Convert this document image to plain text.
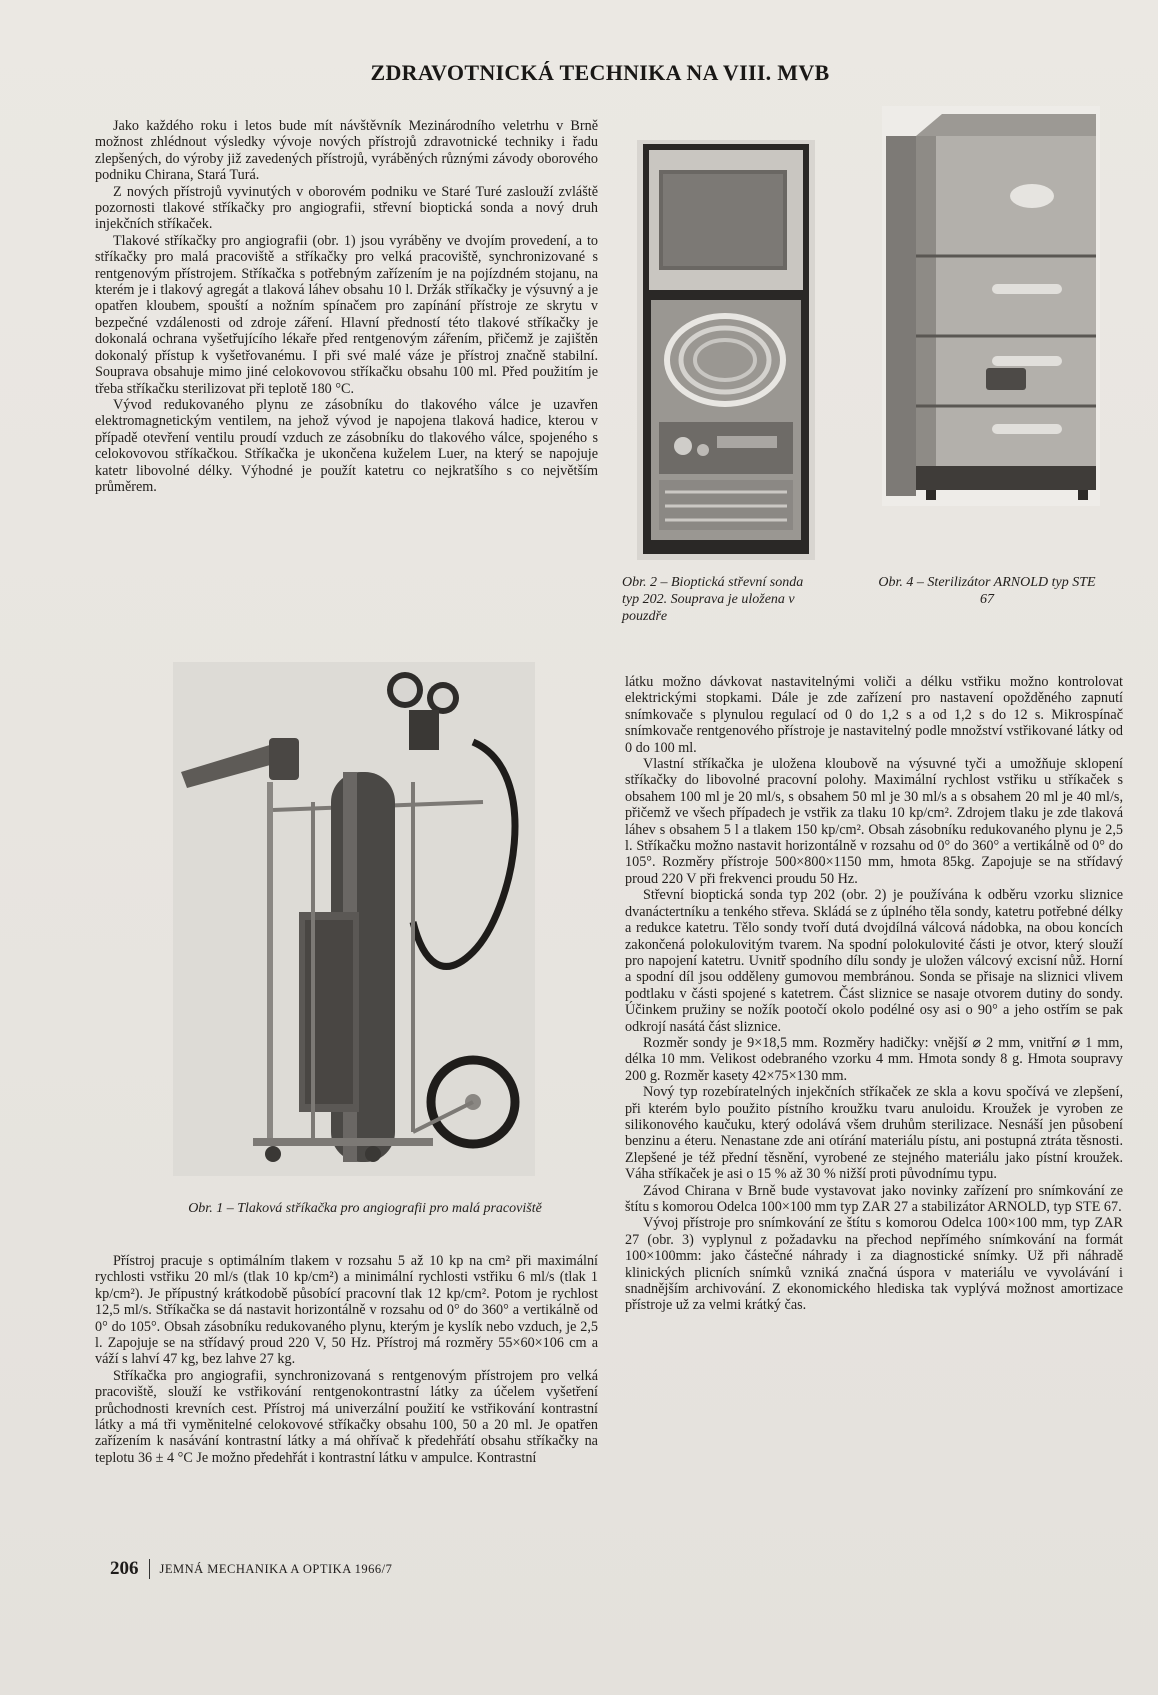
ZDRAVOTNICKÁ TECHNIKA NA VIII. MVB

Jako každého roku i letos bude mít návštěvník Mezinárodního veletrhu v Brně možnost zhlédnout výsledky vývoje nových přístrojů zdravotnické techniky i řadu zlepšených, do výroby již zavedených přístrojů, vyráběných různými závody oborového podniku Chirana, Stará Turá.

Z nových přístrojů vyvinutých v oborovém podniku ve Staré Turé zaslouží zvláště pozornosti tlakové stříkačky pro angiografii, střevní bioptická sonda a nový druh injekčních stříkaček.

Tlakové stříkačky pro angiografii (obr. 1) jsou vyráběny ve dvojím provedení, a to stříkačky pro malá pracoviště a stříkačky pro velká pracoviště, synchronizované s rentgenovým přístrojem. Stříkačka s potřebným zařízením je na pojízdném stojanu, na kterém je i tlakový agregát a tlaková láhev obsahu 10 l. Držák stříkačky je výsuvný a je opatřen kloubem, spouští a nožním spínačem pro zapínání přístroje ze skrytu v bezpečné vzdálenosti od zdroje záření. Hlavní předností této tlakové stříkačky je dokonalá ochrana vyšetřujícího lékaře před rentgenovým zářením, přičemž je zajištěn dokonalý přístup k vyšetřovanému. I při své malé váze je přístroj značně stabilní. Souprava obsahuje mimo jiné celokovovou stříkačku obsahu 100 ml. Před použitím je třeba stříkačku sterilizovat při teplotě 180 °C.

Vývod redukovaného plynu ze zásobníku do tlakového válce je uzavřen elektromagnetickým ventilem, na jehož vývod je napojena tlaková hadice, kterou v případě otevření ventilu proudí vzduch ze zásobníku do tlakového válce, spojeného s celokovovou stříkačkou. Stříkačka je ukončena kuželem Luer, na který se napojuje katetr libovolné délky. Výhodné je použít katetru co nejkratšího s co největším průměrem.

Obr. 2 – Bioptická střevní sonda typ 202. Souprava je uložena v pouzdře
Obr. 4 – Sterilizátor ARNOLD typ STE 67
Obr. 1 – Tlaková stříkačka pro angiografii pro malá pracoviště

Přístroj pracuje s optimálním tlakem v rozsahu 5 až 10 kp na cm² při maximální rychlosti vstřiku 20 ml/s (tlak 10 kp/cm²) a minimální rychlosti vstřiku 6 ml/s (tlak 1 kp/cm²). Je přípustný krátkodobě působící pracovní tlak 12 kp/cm². Potom je rychlost 12,5 ml/s. Stříkačka se dá nastavit horizontálně v rozsahu od 0° do 360° a vertikálně od 0° do 105°. Obsah zásobníku redukovaného plynu, kterým je kyslík nebo vzduch, je 2,5 l. Zapojuje se na střídavý proud 220 V, 50 Hz. Přístroj má rozměry 55×60×106 cm a váží s lahví 47 kg, bez lahve 27 kg.

Stříkačka pro angiografii, synchronizovaná s rentgenovým přístrojem pro velká pracoviště, slouží ke vstřikování rentgenokontrastní látky za účelem vyšetření průchodnosti krevních cest. Přístroj má univerzální použití ke vstřikování kontrastní látky a má tři vyměnitelné celokovové stříkačky obsahu 100, 50 a 20 ml. Je opatřen zařízením k nasávání kontrastní látky a má ohřívač k předehřátí obsahu stříkačky na teplotu 36 ± 4 °C Je možno předehřát i kontrastní látku v ampulce. Kontrastní

látku možno dávkovat nastavitelnými voliči a délku vstřiku možno kontrolovat elektrickými stopkami. Dále je zde zařízení pro nastavení opožděného zapnutí snímkovače s plynulou regulací od 0 do 1,2 s a od 1,2 s do 12 s. Mikrospínač snímkovače rentgenového přístroje je nastavitelný podle množství vstřikované látky od 0 do 100 ml.

Vlastní stříkačka je uložena kloubově na výsuvné tyči a umožňuje sklopení stříkačky do libovolné pracovní polohy. Maximální rychlost vstřiku u stříkaček s obsahem 100 ml je 20 ml/s, s obsahem 50 ml je 30 ml/s a s obsahem 20 ml je 40 ml/s, přičemž ve všech případech je vstřik za tlaku 10 kp/cm². Zdrojem tlaku je zde tlaková láhev s obsahem 5 l a tlakem 150 kp/cm². Obsah zásobníku redukovaného plynu je 2,5 l. Stříkačku možno nastavit horizontálně v rozsahu od 0° do 360° a vertikálně od 0° do 105°. Rozměry přístroje 500×800×1150 mm, hmota 85kg. Zapojuje se na střídavý proud 220 V při frekvenci proudu 50 Hz.

Střevní bioptická sonda typ 202 (obr. 2) je používána k odběru vzorku sliznice dvanáctertníku a tenkého střeva. Skládá se z úplného těla sondy, katetru potřebné délky a redukce katetru. Tělo sondy tvoří dutá dvojdílná válcová nádobka, na obou koncích zakončená polokulovitým tvarem. Na spodní polokulovité části je otvor, který slouží pro napojení katetru. Uvnitř spodního dílu sondy je uložen válcový excisní nůž. Horní a spodní díl jsou odděleny gumovou membránou. Sonda se přisaje na sliznici vlivem podtlaku v části spojené s katetrem. Část sliznice se nasaje otvorem dutiny do sondy. Účinkem pružiny se nožík pootočí okolo podélné osy asi o 90° a jeho ostřím se pak odkrojí nasátá část sliznice.

Rozměr sondy je 9×18,5 mm. Rozměry hadičky: vnější ⌀ 2 mm, vnitřní ⌀ 1 mm, délka 10 mm. Velikost odebraného vzorku 4 mm. Hmota sondy 8 g. Hmota soupravy 200 g. Rozměr kasety 42×75×130 mm.

Nový typ rozebíratelných injekčních stříkaček ze skla a kovu spočívá ve zlepšení, při kterém bylo použito pístního kroužku tvaru anuloidu. Kroužek je vyroben ze silikonového kaučuku, který odolává všem druhům sterilizace. Nesnáší jen působení benzinu a éteru. Nenastane zde ani otírání materiálu pístu, ani postupná ztráta těsnosti. Zlepšené je též přední těsnění, vyrobené ze stejného materiálu jako pístní kroužek. Váha stříkaček je asi o 15 % až 30 % nižší proti původnímu typu.

Závod Chirana v Brně bude vystavovat jako novinky zařízení pro snímkování ze štítu s komorou Odelca 100×100 mm typ ZAR 27 a stabilizátor ARNOLD, typ STE 67.

Vývoj přístroje pro snímkování ze štítu s komorou Odelca 100×100 mm, typ ZAR 27 (obr. 3) vyplynul z požadavku na přechod nepřímého snímkování na formát 100×100mm: jako částečné náhrady i za diagnostické snímky. Už při náhradě klinických plicních snímků vzniká značná úspora v materiálu ve vyvolávání i snadnějším archivování. Z ekonomického hlediska tak vyplývá možnost amortizace přístroje už za velmi krátký čas.

206 JEMNÁ MECHANIKA A OPTIKA 1966/7
